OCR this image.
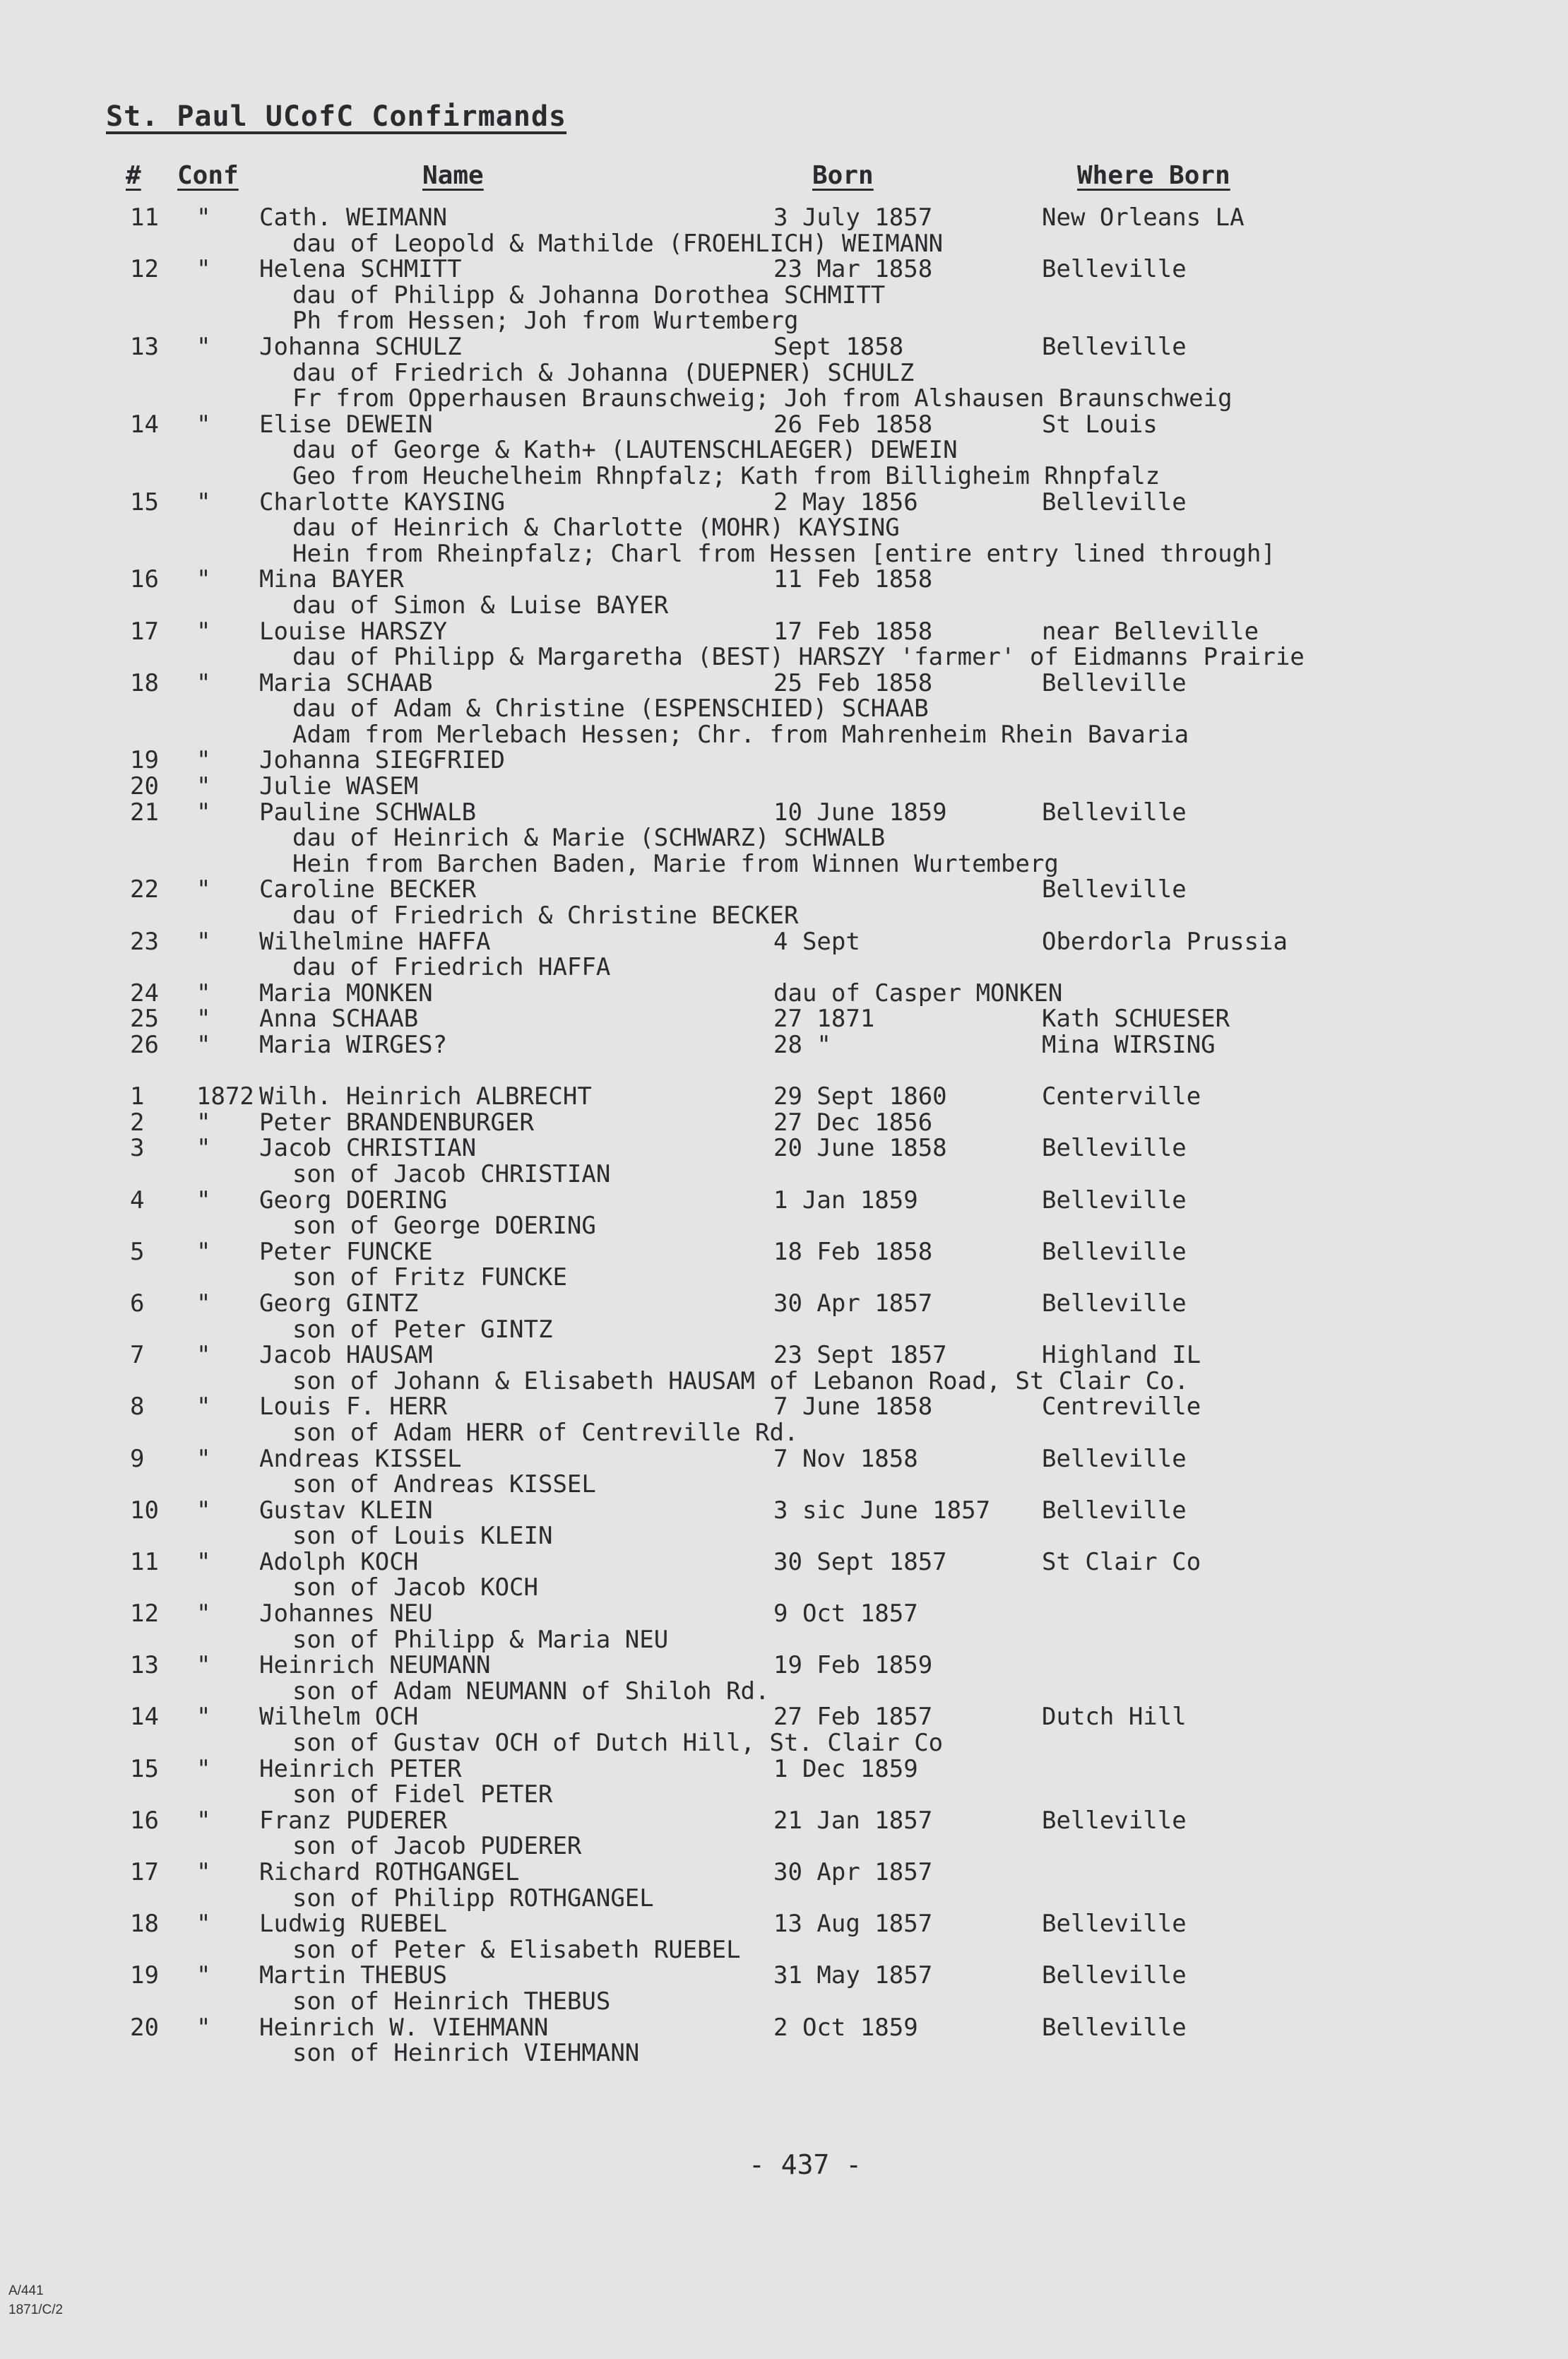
St. Paul UCofC Confirmands
# Conf	Name	Born	Where Born
11 " Cath. WEIMANN	3 July 1857	New Orleans LA
dau of Leopold & Mathilde (FROEHLICH) WEIMANN
12 " Helena SCHMITT	23 Mar 1858	Belleville
dau of Philipp & Johanna Dorothea SCHMITT
Ph from Hessen; Joh from Wurtemberg
13 " Johanna SCHULZ	Sept 1858	Belleville
dau of Friedrich & Johanna (DUEPNER) SCHULZ
Fr from Opperhausen Braunschweig; Joh from Alshausen Braunschweig
14 " Elise DEWEIN	26 Feb 1858	St Louis
dau of George & Kath+ (LAUTENSCHLAEGER) DEWEIN
Geo from Heuchelheim Rhnpfalz; Kath from Billigheim Rhnpfalz
15 " Charlotte KAYSING	2 May 1856	Belleville
dau of Heinrich & Charlotte (MOHR) KAYSING
Hein from Rheinpfalz; Charl from Hessen [entire entry lined through]
16 " Mina BAYER	11 Feb 1858
dau of Simon & Luise BAYER
17 " Louise HARSZY	17 Feb 1858	near Belleville
dau of Philipp & Margaretha (BEST) HARSZY 'farmer' of Eidmanns Prairie
18 " Maria SCHAAB	25 Feb 1858	Belleville
dau of Adam & Christine (ESPENSCHIED) SCHAAB
Adam from Merlebach Hessen; Chr. from Mahrenheim Rhein Bavaria
19 " Johanna SIEGFRIED
20 " Julie WASEM
21 " Pauline SCHWALB	10 June 1859	Belleville
dau of Heinrich & Marie (SCHWARZ) SCHWALB
Hein from Barchen Baden, Marie from Winnen Wurtemberg
22 " Caroline BECKER	Belleville
dau of Friedrich & Christine BECKER
23 " Wilhelmine HAFFA	4 Sept	Oberdorla Prussia
dau of Friedrich HAFFA
24 " Maria MONKEN	dau of Casper MONKEN
25 " Anna SCHAAB	27 1871	Kath SCHUESER
26 " Maria WIRGES?	28 "	Mina WIRSING
1 1872 Wilh. Heinrich ALBRECHT	29 Sept 1860	Centerville
2 " Peter BRANDENBURGER	27 Dec 1856
3 " Jacob CHRISTIAN	20 June 1858	Belleville
son of Jacob CHRISTIAN
4 " Georg DOERING	1 Jan 1859	Belleville
son of George DOERING
5 " Peter FUNCKE	18 Feb 1858	Belleville
son of Fritz FUNCKE
6 " Georg GINTZ	30 Apr 1857	Belleville
son of Peter GINTZ
7 " Jacob HAUSAM	23 Sept 1857	Highland IL
son of Johann & Elisabeth HAUSAM of Lebanon Road, St Clair Co.
8 " Louis F. HERR	7 June 1858	Centreville
son of Adam HERR of Centreville Rd.
9 " Andreas KISSEL	7 Nov 1858	Belleville
son of Andreas KISSEL
10 " Gustav KLEIN	3 sic June 1857 Belleville
son of Louis KLEIN
11 " Adolph KOCH	30 Sept 1857	St Clair Co
son of Jacob KOCH
12 " Johannes NEU	9 Oct 1857
son of Philipp & Maria NEU
13 " Heinrich NEUMANN	19 Feb 1859
son of Adam NEUMANN of Shiloh Rd.
14 " Wilhelm OCH	27 Feb 1857	Dutch Hill
son of Gustav OCH of Dutch Hill, St. Clair Co
15 " Heinrich PETER	1 Dec 1859
son of Fidel PETER
16 " Franz PUDERER	21 Jan 1857	Belleville
son of Jacob PUDERER
17 " Richard ROTHGANGEL	30 Apr 1857
son of Philipp ROTHGANGEL
18 " Ludwig RUEBEL	13 Aug 1857	Belleville
son of Peter & Elisabeth RUEBEL
19 " Martin THEBUS	31 May 1857	Belleville
son of Heinrich THEBUS
20 " Heinrich W. VIEHMANN	2 Oct 1859	Belleville
son of Heinrich VIEHMANN
- 437 -
A/441
1871/C/2
